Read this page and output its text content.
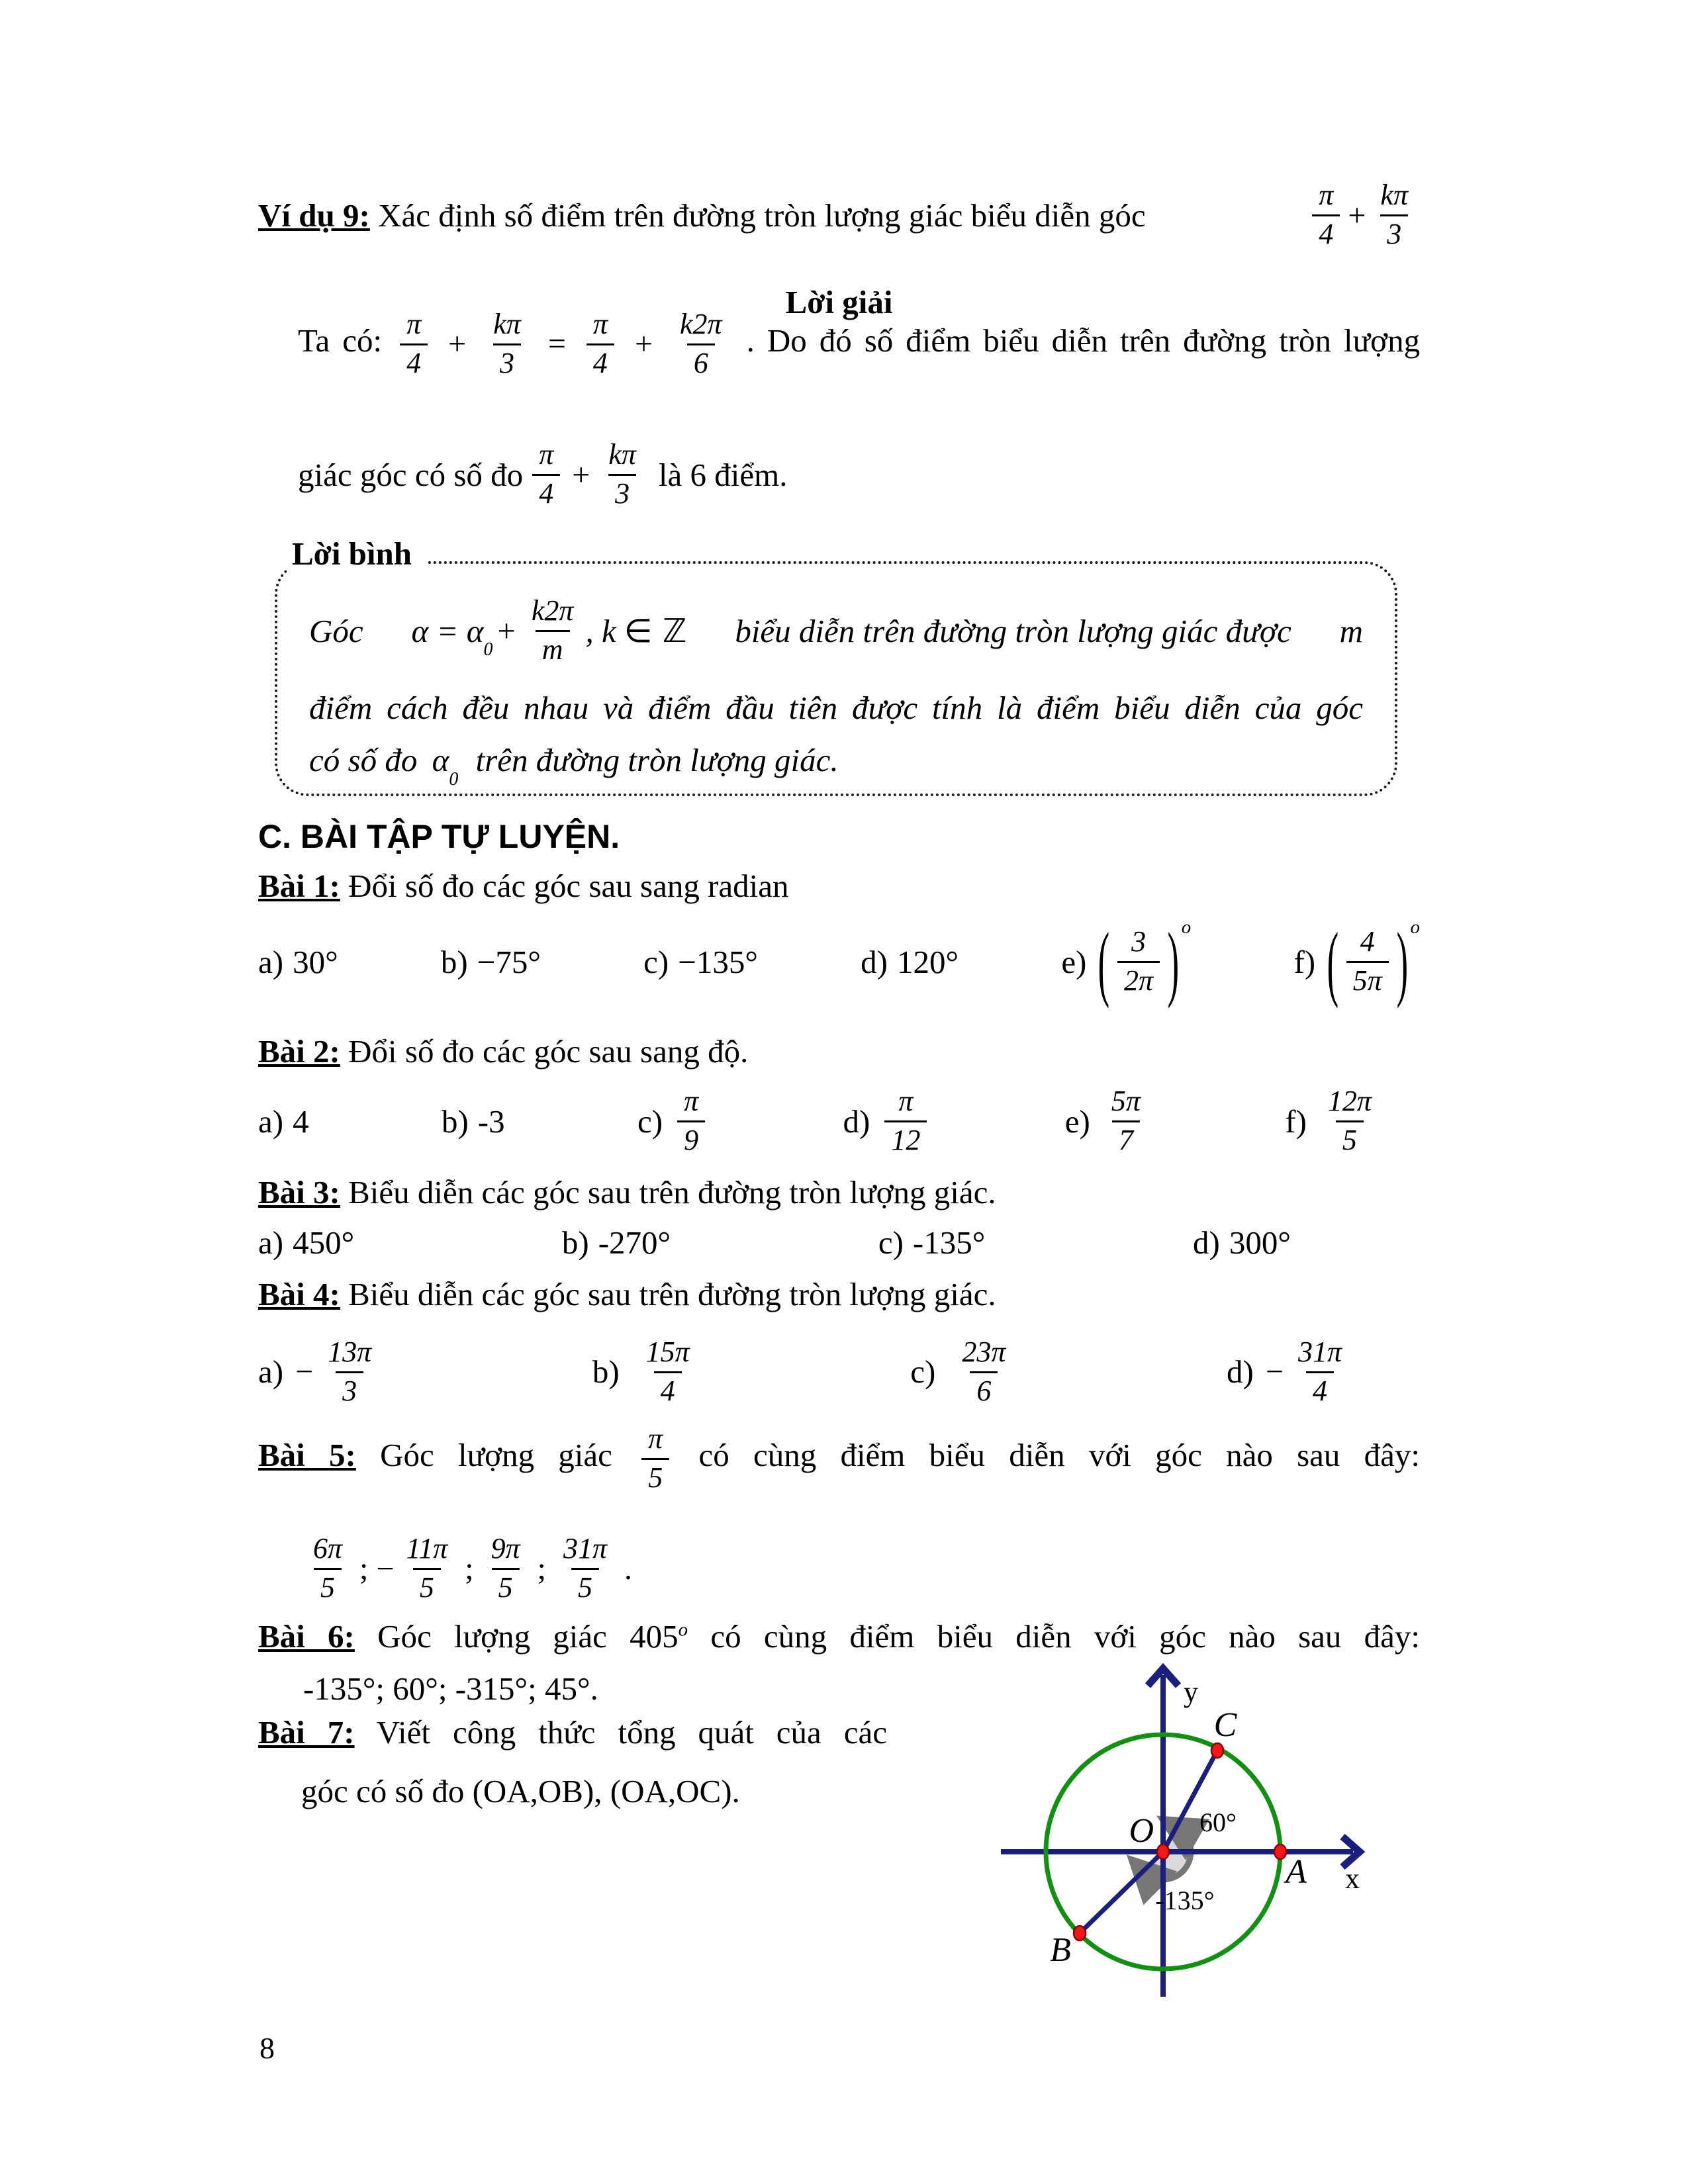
Ví dụ 9: Xác định số điểm trên đường tròn lượng giác biểu diễn góc	$\frac{\pi}{4} + \frac{k\pi}{3}$
Lời giải
Ta có: $\frac{\pi}{4} + \frac{k\pi}{3} = \frac{\pi}{4} + \frac{k2\pi}{6}$ . Do đó số điểm biểu diễn trên đường tròn lượng
giác góc có số đo $\frac{\pi}{4} + \frac{k\pi}{3}$ là 6 điểm.
Lời bình
Góc $\alpha = \alpha_0$
+ $\frac{k2\pi}{m}$ , k ∈ ℤ biểu diễn trên đường tròn lượng giác được m
điểm cách đều nhau và điểm đầu tiên được tính là điểm biểu diễn của góc
có số đo $\alpha_0$ trên đường tròn lượng giác.
C. BÀI TẬP TỰ LUYỆN.
Bài 1: Đổi số đo các góc sau sang radian
a) 30°	b) −75°	c) −135°	d) 120°	e) ( $\frac{3}{2\pi} )^o$
f) ( $\frac{4}{5\pi} )^o$
Bài 2: Đổi số đo các góc sau sang độ.
a) 4	b) -3	$c) \frac{\pi}{9}$	$d) \frac{\pi}{12}$	$e) \frac{5\pi}{7}$	$f) \frac{12\pi}{5}$
Bài 3: Biểu diễn các góc sau trên đường tròn lượng giác.
a) 450°	b) -270°	c) -135°	d) 300°
Bài 4: Biểu diễn các góc sau trên đường tròn lượng giác.
$a) - \frac{13\pi}{3}$	$b) \frac{15\pi}{4}$	$c) \frac{23\pi}{6}$	$d) - \frac{31\pi}{4}$
Bài 5: Góc lượng giác $\frac{\pi}{5}$ có cùng điểm biểu diễn với góc nào sau đây:
$\frac{6\pi}{5}$ ; − $\frac{11\pi}{5}$ ; $\frac{9\pi}{5}$ ; $\frac{31\pi}{5}$ .
Bài 6: Góc lượng giác 405$^o$ có cùng điểm biểu diễn với góc nào sau đây:
-135°; 60°; -315°; 45°.
Bài 7: Viết công thức tổng quát của các
góc có số đo (OA,OB), (OA,OC).
y
x
O
C
A
B
60°
-135°
8
